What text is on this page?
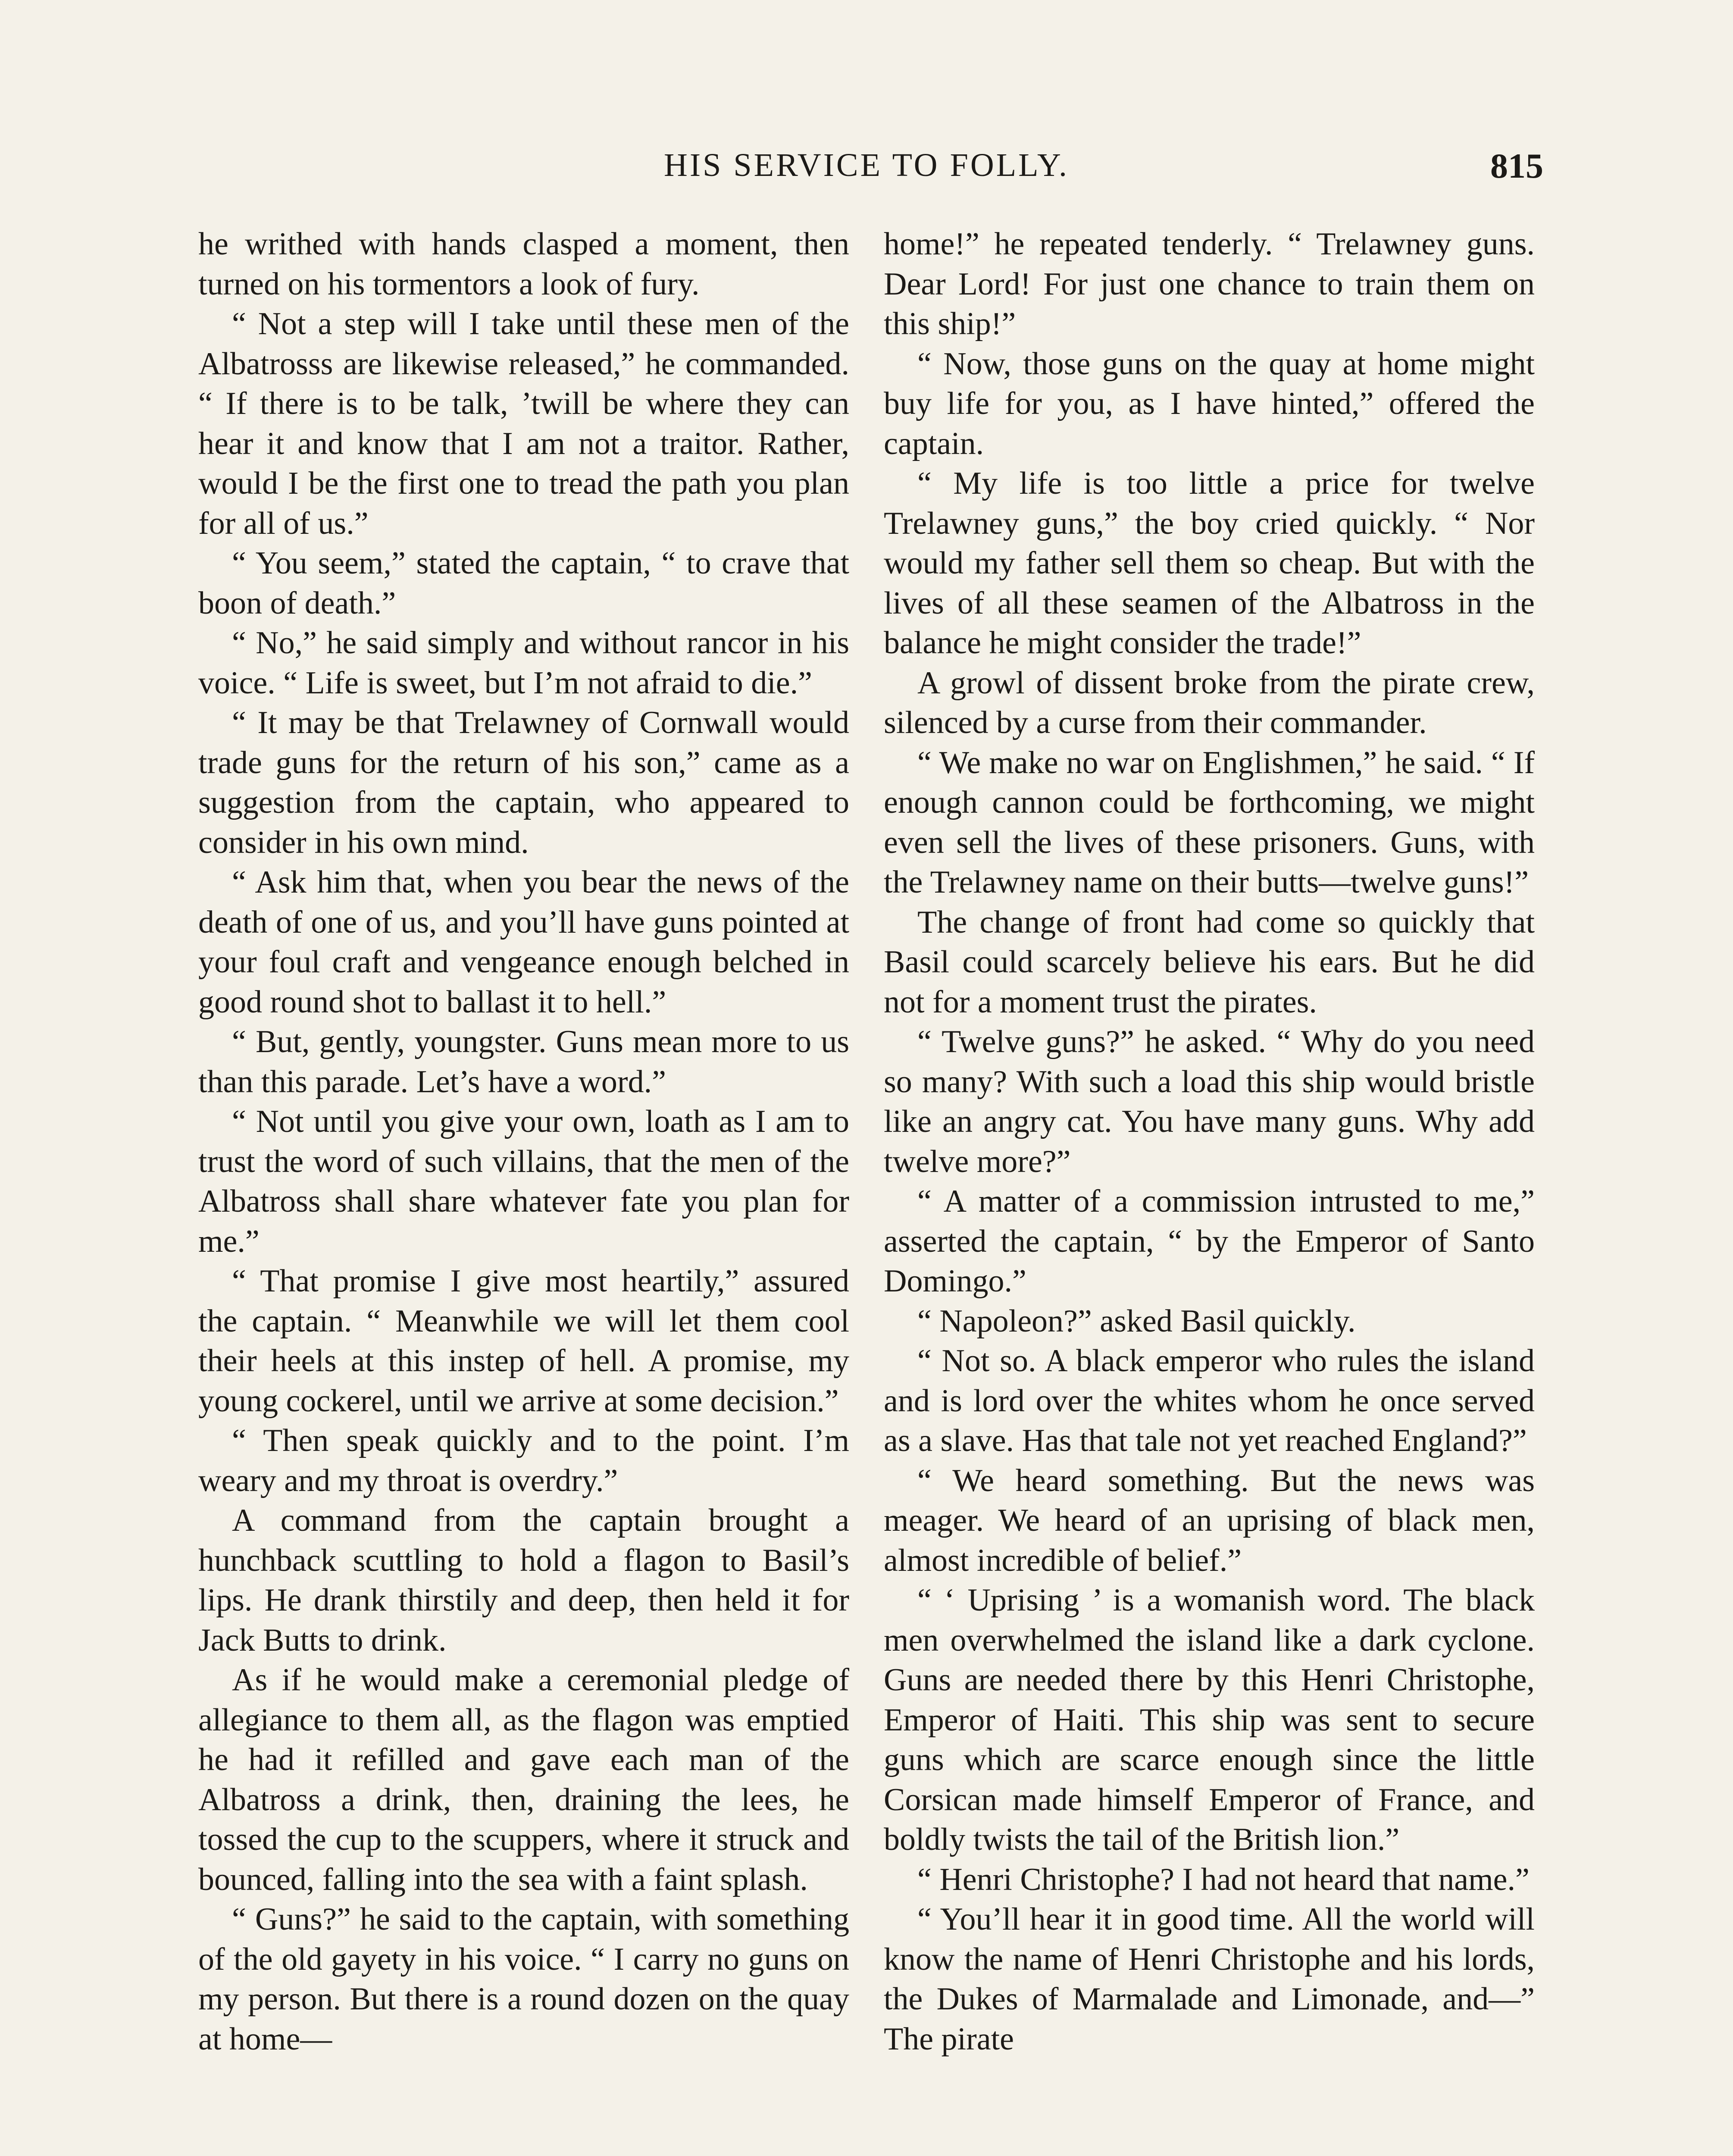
HIS SERVICE TO FOLLY.	815

he writhed with hands clasped a moment, then turned on his tormentors a look of fury.

“ Not a step will I take until these men of the Albatrosss are likewise released,” he commanded. “ If there is to be talk, ’twill be where they can hear it and know that I am not a traitor. Rather, would I be the first one to tread the path you plan for all of us.”

“ You seem,” stated the captain, “ to crave that boon of death.”

“ No,” he said simply and without rancor in his voice. “ Life is sweet, but I’m not afraid to die.”

“ It may be that Trelawney of Cornwall would trade guns for the return of his son,” came as a suggestion from the captain, who appeared to consider in his own mind.

“ Ask him that, when you bear the news of the death of one of us, and you’ll have guns pointed at your foul craft and vengeance enough belched in good round shot to ballast it to hell.”

“ But, gently, youngster. Guns mean more to us than this parade. Let’s have a word.”

“ Not until you give your own, loath as I am to trust the word of such villains, that the men of the Albatross shall share whatever fate you plan for me.”

“ That promise I give most heartily,” assured the captain. “ Meanwhile we will let them cool their heels at this instep of hell. A promise, my young cockerel, until we arrive at some decision.”

“ Then speak quickly and to the point. I’m weary and my throat is overdry.”

A command from the captain brought a hunchback scuttling to hold a flagon to Basil’s lips. He drank thirstily and deep, then held it for Jack Butts to drink.

As if he would make a ceremonial pledge of allegiance to them all, as the flagon was emptied he had it refilled and gave each man of the Albatross a drink, then, draining the lees, he tossed the cup to the scuppers, where it struck and bounced, falling into the sea with a faint splash.

“ Guns?” he said to the captain, with something of the old gayety in his voice. “ I carry no guns on my person. But there is a round dozen on the quay at home—

home!” he repeated tenderly. “ Trelawney guns. Dear Lord! For just one chance to train them on this ship!”

“ Now, those guns on the quay at home might buy life for you, as I have hinted,” offered the captain.

“ My life is too little a price for twelve Trelawney guns,” the boy cried quickly. “ Nor would my father sell them so cheap. But with the lives of all these seamen of the Albatross in the balance he might consider the trade!”

A growl of dissent broke from the pirate crew, silenced by a curse from their commander.

“ We make no war on Englishmen,” he said. “ If enough cannon could be forthcoming, we might even sell the lives of these prisoners. Guns, with the Trelawney name on their butts—twelve guns!”

The change of front had come so quickly that Basil could scarcely believe his ears. But he did not for a moment trust the pirates.

“ Twelve guns?” he asked. “ Why do you need so many? With such a load this ship would bristle like an angry cat. You have many guns. Why add twelve more?”

“ A matter of a commission intrusted to me,” asserted the captain, “ by the Emperor of Santo Domingo.”

“ Napoleon?” asked Basil quickly.

“ Not so. A black emperor who rules the island and is lord over the whites whom he once served as a slave. Has that tale not yet reached England?”

“ We heard something. But the news was meager. We heard of an uprising of black men, almost incredible of belief.”

“ ‘ Uprising ’ is a womanish word. The black men overwhelmed the island like a dark cyclone. Guns are needed there by this Henri Christophe, Emperor of Haiti. This ship was sent to secure guns which are scarce enough since the little Corsican made himself Emperor of France, and boldly twists the tail of the British lion.”

“ Henri Christophe? I had not heard that name.”

“ You’ll hear it in good time. All the world will know the name of Henri Christophe and his lords, the Dukes of Marmalade and Limonade, and—” The pirate
